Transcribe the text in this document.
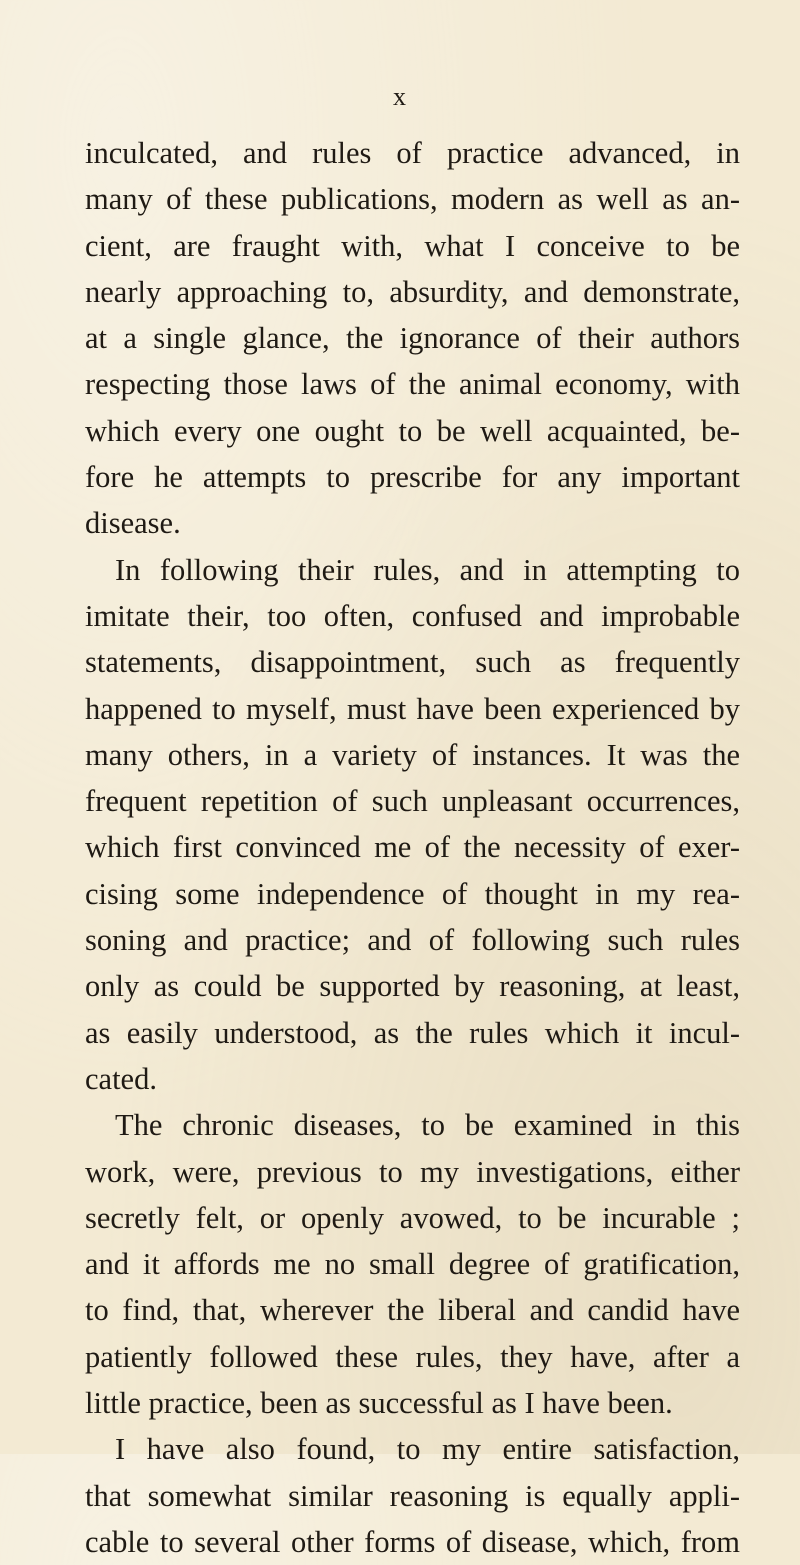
x
inculcated, and rules of practice advanced, in
many of these publications, modern as well as an-
cient, are fraught with, what I conceive to be
nearly approaching to, absurdity, and demonstrate,
at a single glance, the ignorance of their authors
respecting those laws of the animal economy, with
which every one ought to be well acquainted, be-
fore he attempts to prescribe for any important
disease.
In following their rules, and in attempting to
imitate their, too often, confused and improbable
statements, disappointment, such as frequently
happened to myself, must have been experienced by
many others, in a variety of instances. It was the
frequent repetition of such unpleasant occurrences,
which first convinced me of the necessity of exer-
cising some independence of thought in my rea-
soning and practice; and of following such rules
only as could be supported by reasoning, at least,
as easily understood, as the rules which it incul-
cated.
The chronic diseases, to be examined in this
work, were, previous to my investigations, either
secretly felt, or openly avowed, to be incurable ;
and it affords me no small degree of gratification,
to find, that, wherever the liberal and candid have
patiently followed these rules, they have, after a
little practice, been as successful as I have been.
I have also found, to my entire satisfaction,
that somewhat similar reasoning is equally appli-
cable to several other forms of disease, which, from
